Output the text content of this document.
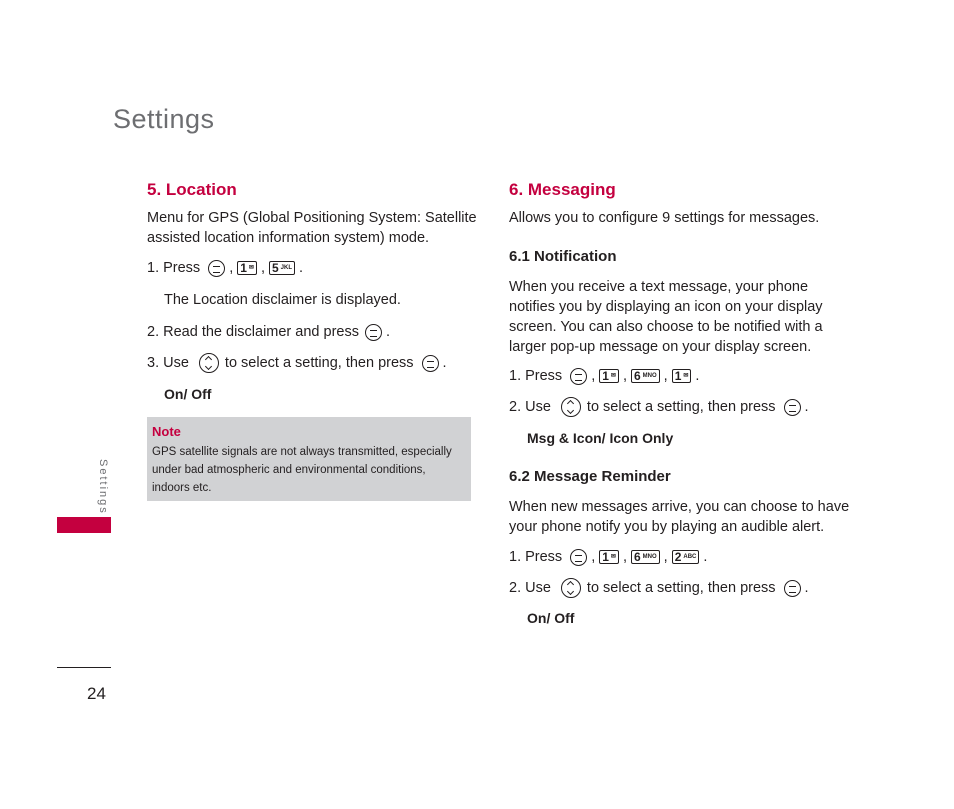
Settings
5. Location
Menu for GPS (Global Positioning System: Satellite
assisted location information system) mode.
1. Press , 1 ✉ , 5 JKL .
The Location disclaimer is displayed.
2. Read the disclaimer and press .
3. Use to select a setting, then press .
On/ Off
Note
GPS satellite signals are not always transmitted, especially
under bad atmospheric and environmental conditions,
indoors etc.
6. Messaging
Allows you to configure 9 settings for messages.
6.1 Notification
When you receive a text message, your phone
notifies you by displaying an icon on your display
screen. You can also choose to be notified with a
larger pop-up message on your display screen.
1. Press , 1 ✉ , 6 MNO , 1 ✉ .
2. Use to select a setting, then press .
Msg & Icon/ Icon Only
6.2 Message Reminder
When new messages arrive, you can choose to have
your phone notify you by playing an audible alert.
1. Press , 1 ✉ , 6 MNO , 2 ABC .
2. Use to select a setting, then press .
On/ Off
Settings
24
